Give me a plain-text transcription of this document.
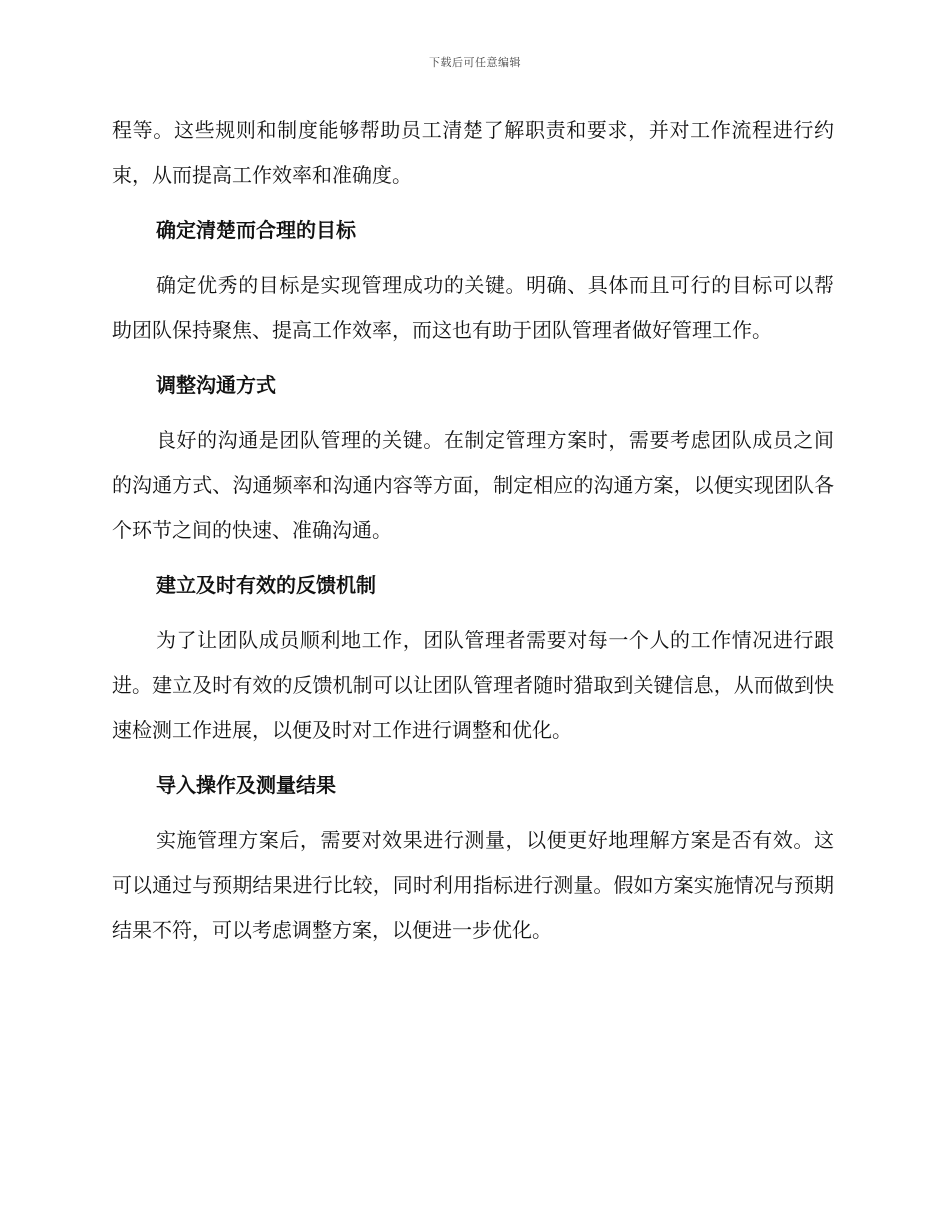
下载后可任意编辑

程等。这些规则和制度能够帮助员工清楚了解职责和要求，并对工作流程进行约束，从而提高工作效率和准确度。

确定清楚而合理的目标

确定优秀的目标是实现管理成功的关键。明确、具体而且可行的目标可以帮助团队保持聚焦、提高工作效率，而这也有助于团队管理者做好管理工作。

调整沟通方式

良好的沟通是团队管理的关键。在制定管理方案时，需要考虑团队成员之间的沟通方式、沟通频率和沟通内容等方面，制定相应的沟通方案，以便实现团队各个环节之间的快速、准确沟通。

建立及时有效的反馈机制

为了让团队成员顺利地工作，团队管理者需要对每一个人的工作情况进行跟进。建立及时有效的反馈机制可以让团队管理者随时猎取到关键信息，从而做到快速检测工作进展，以便及时对工作进行调整和优化。

导入操作及测量结果

实施管理方案后，需要对效果进行测量，以便更好地理解方案是否有效。这可以通过与预期结果进行比较，同时利用指标进行测量。假如方案实施情况与预期结果不符，可以考虑调整方案，以便进一步优化。
